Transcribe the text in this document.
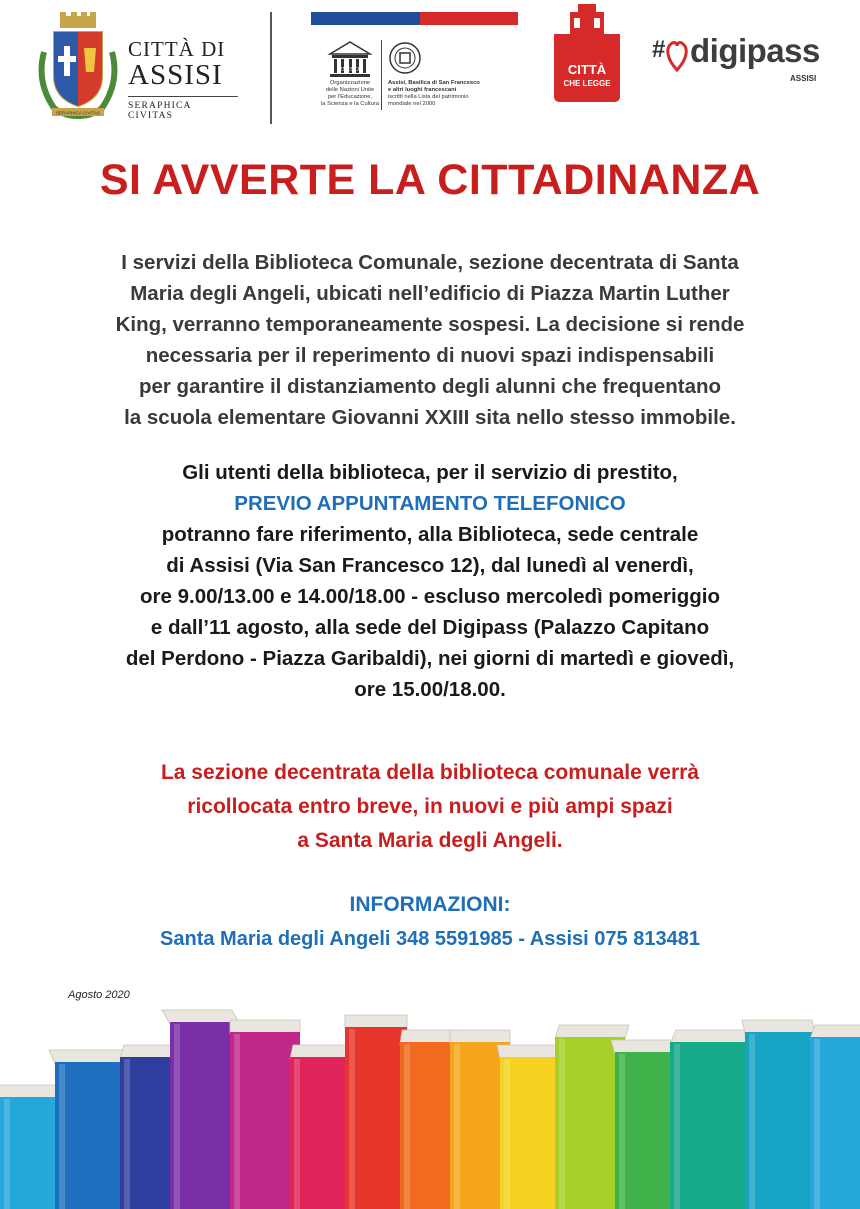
SERAPHICA CIVITAS
CITTÀ DI
ASSISI
SERAPHICA CIVITAS
UNESCO
Organizzazione
delle Nazioni Unite
per l'Educazione,
la Scienza e la Cultura
Assisi, Basilica di San Francesco
e altri luoghi francescani
iscritti nella Lista del patrimonio
mondiale nel 2000
CITTÀ
CHE LEGGE
# digipass
ASSISI
SI AVVERTE LA CITTADINANZA
I servizi della Biblioteca Comunale, sezione decentrata di Santa
Maria degli Angeli, ubicati nell’edificio di Piazza Martin Luther
King, verranno temporaneamente sospesi. La decisione si rende
necessaria per il reperimento di nuovi spazi indispensabili
per garantire il distanziamento degli alunni che frequentano
la scuola elementare Giovanni XXIII sita nello stesso immobile.
Gli utenti della biblioteca, per il servizio di prestito,
PREVIO APPUNTAMENTO TELEFONICO
potranno fare riferimento, alla Biblioteca, sede centrale
di Assisi (Via San Francesco 12), dal lunedì al venerdì,
ore 9.00/13.00 e 14.00/18.00 - escluso mercoledì pomeriggio
e dall’11 agosto, alla sede del Digipass (Palazzo Capitano
del Perdono - Piazza Garibaldi), nei giorni di martedì e giovedì,
ore 15.00/18.00.
La sezione decentrata della biblioteca comunale verrà
ricollocata entro breve, in nuovi e più ampi spazi
a Santa Maria degli Angeli.
INFORMAZIONI:
Santa Maria degli Angeli 348 5591985 - Assisi 075 813481
Agosto 2020
